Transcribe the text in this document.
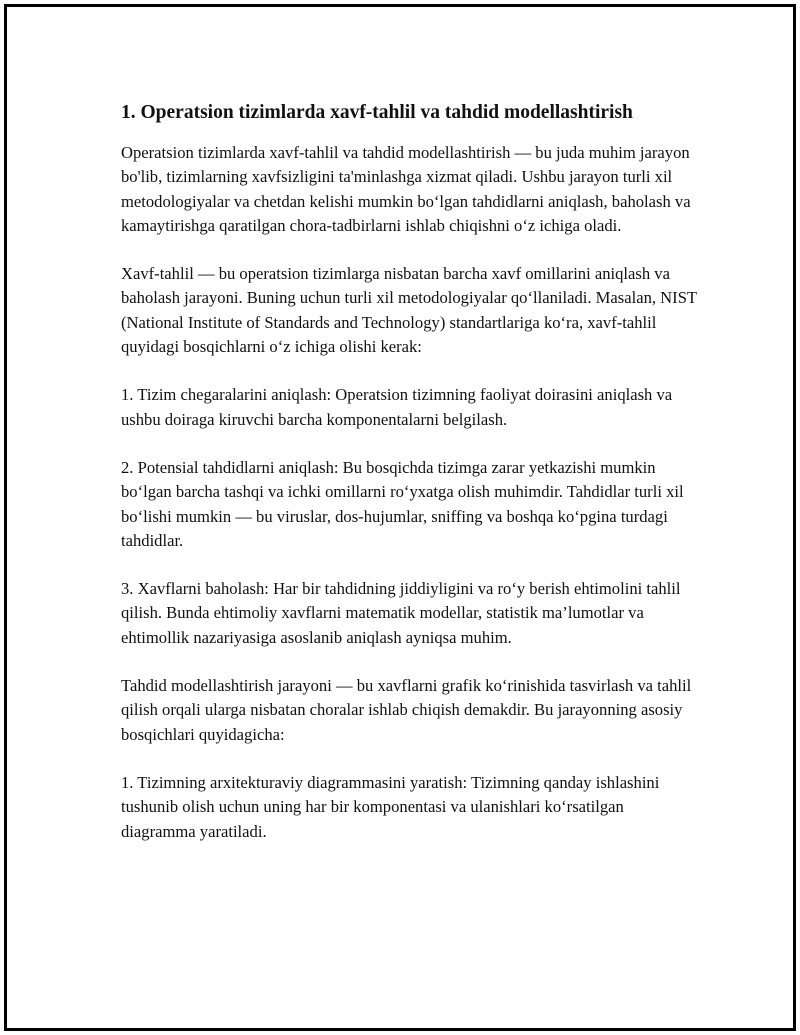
1. Operatsion tizimlarda xavf-tahlil va tahdid modellashtirish

Operatsion tizimlarda xavf-tahlil va tahdid modellashtirish — bu juda muhim jarayon bo'lib, tizimlarning xavfsizligini ta'minlashga xizmat qiladi. Ushbu jarayon turli xil metodologiyalar va chetdan kelishi mumkin bo‘lgan tahdidlarni aniqlash, baholash va kamaytirishga qaratilgan chora-tadbirlarni ishlab chiqishni o‘z ichiga oladi.

Xavf-tahlil — bu operatsion tizimlarga nisbatan barcha xavf omillarini aniqlash va baholash jarayoni. Buning uchun turli xil metodologiyalar qo‘llaniladi. Masalan, NIST (National Institute of Standards and Technology) standartlariga ko‘ra, xavf-tahlil quyidagi bosqichlarni o‘z ichiga olishi kerak:

1. Tizim chegaralarini aniqlash: Operatsion tizimning faoliyat doirasini aniqlash va ushbu doiraga kiruvchi barcha komponentalarni belgilash.

2. Potensial tahdidlarni aniqlash: Bu bosqichda tizimga zarar yetkazishi mumkin bo‘lgan barcha tashqi va ichki omillarni ro‘yxatga olish muhimdir. Tahdidlar turli xil bo‘lishi mumkin — bu viruslar, dos-hujumlar, sniffing va boshqa ko‘pgina turdagi tahdidlar.

3. Xavflarni baholash: Har bir tahdidning jiddiyligini va ro‘y berish ehtimolini tahlil qilish. Bunda ehtimoliy xavflarni matematik modellar, statistik ma’lumotlar va ehtimollik nazariyasiga asoslanib aniqlash ayniqsa muhim.

Tahdid modellashtirish jarayoni — bu xavflarni grafik ko‘rinishida tasvirlash va tahlil qilish orqali ularga nisbatan choralar ishlab chiqish demakdir. Bu jarayonning asosiy bosqichlari quyidagicha:

1. Tizimning arxitekturaviy diagrammasini yaratish: Tizimning qanday ishlashini tushunib olish uchun uning har bir komponentasi va ulanishlari ko‘rsatilgan diagramma yaratiladi.
